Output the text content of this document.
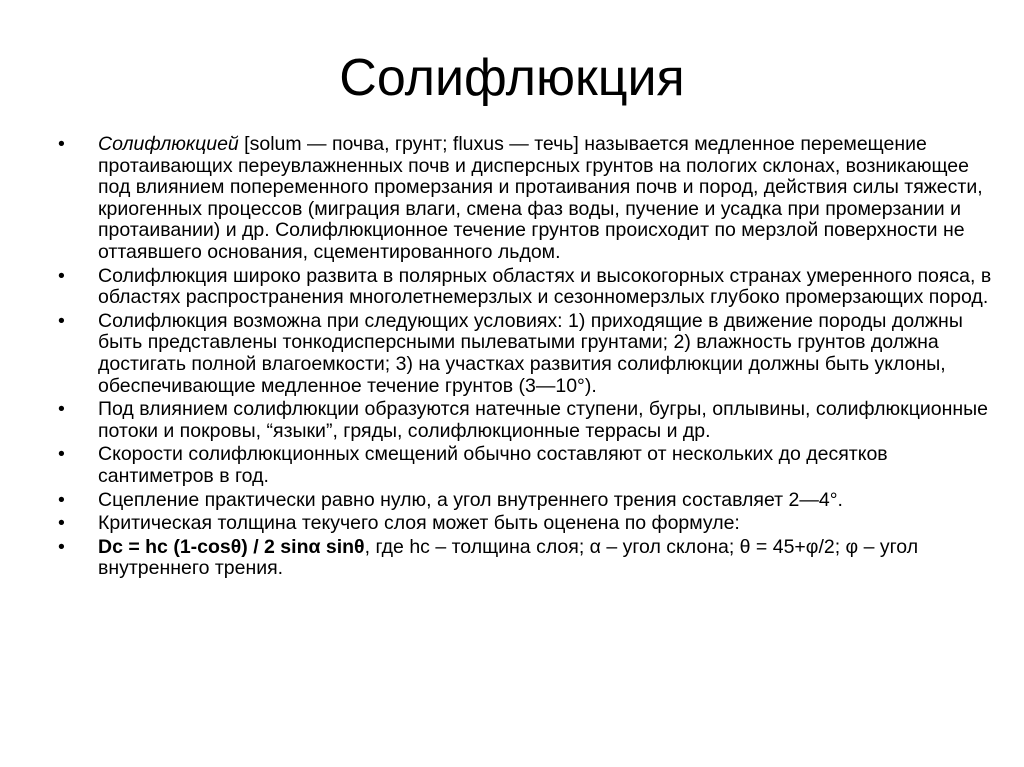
Солифлюкция
•	Солифлюкцией [solum — почва, грунт; fluxus — течь] называется медленное перемещение протаивающих переувлажненных почв и дисперсных грунтов на пологих склонах, возникающее под влиянием попеременного промерзания и протаивания почв и пород, действия силы тяжести, криогенных процессов (миграция влаги, смена фаз воды, пучение и усадка при промерзании и протаивании) и др. Солифлюкционное течение грунтов происходит по мерзлой поверхности не оттаявшего основания, сцементированного льдом.
•	Солифлюкция широко развита в полярных областях и высокогорных странах умеренного пояса, в областях распространения многолетнемерзлых и сезонномерзлых глубоко промерзающих пород.
•	Солифлюкция возможна при следующих условиях: 1) приходящие в движение породы должны быть представлены тонкодисперсными пылеватыми грунтами; 2) влажность грунтов должна достигать полной влагоемкости; 3) на участках развития солифлюкции должны быть уклоны, обеспечивающие медленное течение грунтов (3—10°).
•	Под влиянием солифлюкции образуются натечные ступени, бугры, оплывины, солифлюкционные потоки и покровы, “языки”, гряды, солифлюкционные террасы и др.
•	Скорости солифлюкционных смещений обычно составляют от нескольких до десятков сантиметров в год.
•	Сцепление практически равно нулю, а угол внутреннего трения составляет 2—4°.
•	Критическая толщина текучего слоя может быть оценена по формуле:
•	Dc = hc (1-cosθ) / 2 sinα sinθ, где hc – толщина слоя; α – угол склона; θ = 45+φ/2; φ – угол внутреннего трения.
